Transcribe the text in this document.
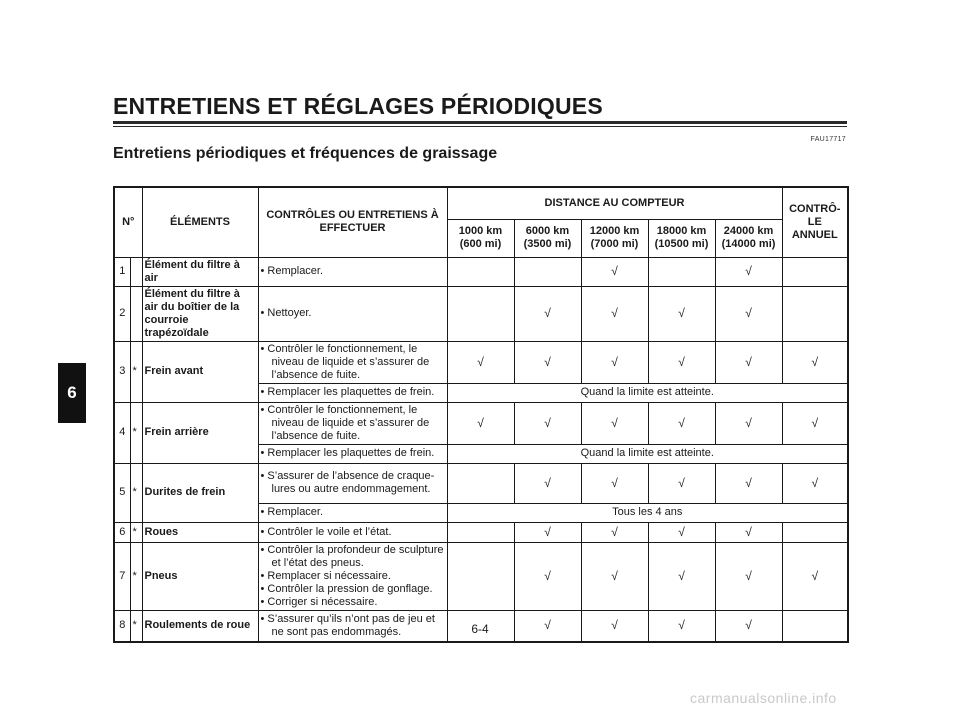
ENTRETIENS ET RÉGLAGES PÉRIODIQUES
FAU17717
Entretiens périodiques et fréquences de graissage
6
N°		ÉLÉMENTS	CONTRÔLES OU ENTRETIENS À EFFECTUER	DISTANCE AU COMPTEUR					CONTRÔ-LE ANNUEL
				1000 km (600 mi)	6000 km (3500 mi)	12000 km (7000 mi)	18000 km (10500 mi)	24000 km (14000 mi)	
1		Élément du filtre à air	• Remplacer.			√		√	
2		Élément du filtre à air du boîtier de la courroie trapézoïdale	• Nettoyer.		√	√	√	√	
3	*	Frein avant	• Contrôler le fonctionnement, le niveau de liquide et s’assurer de l’absence de fuite.	√	√	√	√	√	√

			• Remplacer les plaquettes de frein.	Quand la limite est atteinte.					
4	*	Frein arrière	• Contrôler le fonctionnement, le niveau de liquide et s’assurer de l’absence de fuite.	√	√	√	√	√	√

			• Remplacer les plaquettes de frein.	Quand la limite est atteinte.					
5	*	Durites de frein	• S’assurer de l’absence de craque-lures ou autre endommagement.		√	√	√	√	√

			• Remplacer.	Tous les 4 ans					
6	*	Roues	• Contrôler le voile et l’état.		√	√	√	√	
7	*	Pneus	• Contrôler la profondeur de sculpture et l’état des pneus.
• Remplacer si nécessaire.
• Contrôler la pression de gonflage.
• Corriger si nécessaire.		√	√	√	√	√
8	*	Roulements de roue	• S’assurer qu’ils n’ont pas de jeu et ne sont pas endommagés.		√	√	√	√	
6-4
carmanualsonline.info
